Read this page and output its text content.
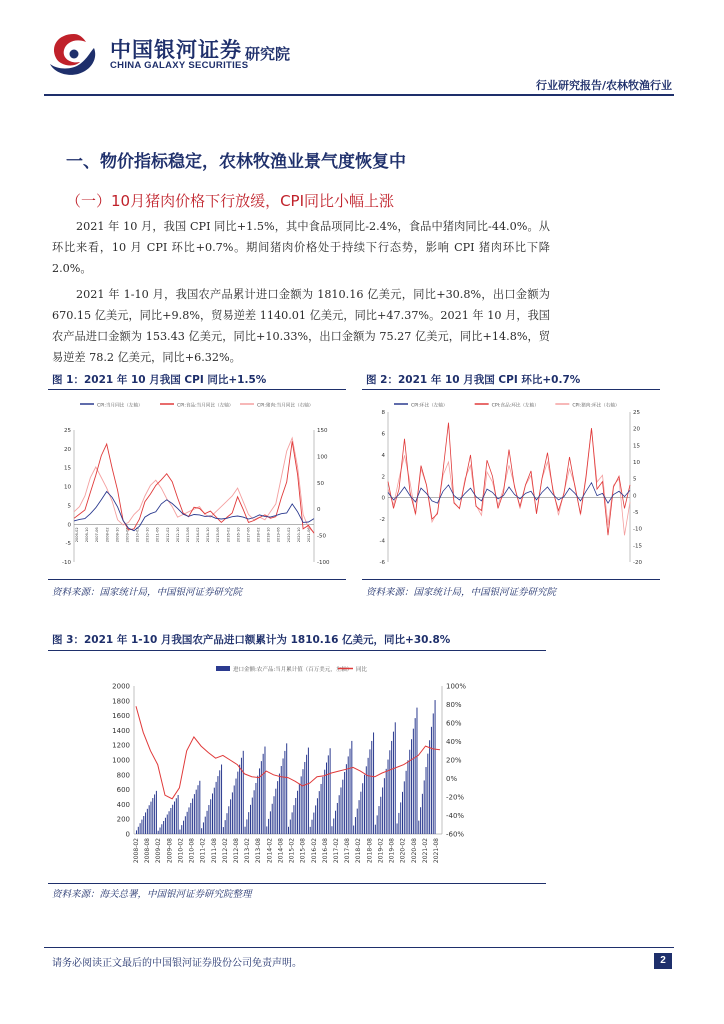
中国银河证券
CHINA GALAXY SECURITIES
研究院
行业研究报告/农林牧渔行业
一、物价指标稳定，农林牧渔业景气度恢复中
（一）10月猪肉价格下行放缓，CPI同比小幅上涨

2021 年 10 月，我国 CPI 同比+1.5%，其中食品项同比-2.4%，食品中猪肉同比-44.0%。从环比来看，10 月 CPI 环比+0.7%。期间猪肉价格处于持续下行态势，影响 CPI 猪肉环比下降 2.0%。

2021 年 1-10 月，我国农产品累计进口金额为 1810.16 亿美元，同比+30.8%，出口金额为 670.15 亿美元，同比+9.8%，贸易逆差 1140.01 亿美元，同比+47.37%。2021 年 10 月，我国农产品进口金额为 153.43 亿美元，同比+10.33%，出口金额为 75.27 亿美元，同比+14.8%，贸易逆差 78.2 亿美元，同比+6.32%。

图 1：2021 年 10 月我国 CPI 同比+1.5%
CPI:当月同比（左轴）	CPI:食品:当月同比（左轴）	CPI:猪肉:当月同比（右轴）
25
20
15
10
5
0
-5
-10
150
100
50
0
-50
-100
2006-02 2006-10 2007-06 2008-02 2008-10 2009-06 2010-02 2010-10 2011-06 2012-02 2012-10 2013-06 2014-02 2014-10 2015-06 2016-02 2016-10 2017-06 2018-02 2018-10 2019-06 2020-02 2020-10 2021-06
资料来源：国家统计局，中国银河证券研究院
图 2：2021 年 10 月我国 CPI 环比+0.7%
CPI:环比（左轴）	CPI:食品:环比（左轴）	CPI:猪肉:环比（右轴）
8
6
4
2
0
-2
-4
-6
25
20
15
10
5
0
-5
-10
-15
-20
资料来源：国家统计局，中国银河证券研究院
图 3：2021 年 1-10 月我国农产品进口额累计为 1810.16 亿美元，同比+30.8%
进口金额:农产品:当月累计值（百万美元，左轴） 同比
2000
1800
1600
1400
1200
1000
800
600
400
200
0
100%
80%
60%
40%
20%
0%
-20%
-40%
-60%
2008-02 2008-08 2009-02 2009-08 2010-02 2010-08 2011-02 2011-08 2012-02 2012-08 2013-02 2013-08 2014-02 2014-08 2015-02 2015-08 2016-02 2016-08 2017-02 2017-08 2018-02 2018-08 2019-02 2019-08 2020-02 2020-08 2021-02 2021-08
资料来源：海关总署，中国银河证券研究院整理
请务必阅读正文最后的中国银河证券股份公司免责声明。	2
